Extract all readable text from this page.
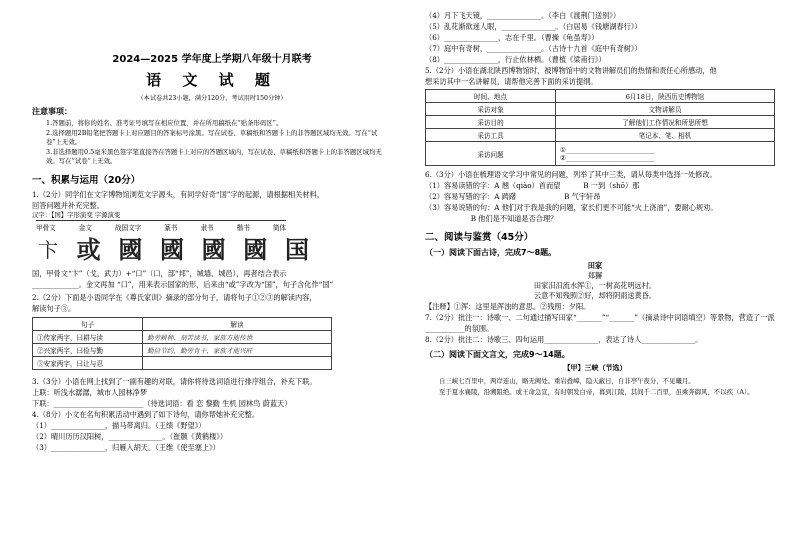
2024—2025 学年度上学期八年级十月联考
语 文 试 题
（本试卷共23小题，满分120分，考试用时150分钟）
注意事项：
1.答题前，将你的姓名、准考证号填写在相应位置，并在所用稿纸在“贴条形码区”。
2.选择题用2B铅笔把答题卡上对应题目的答案标号涂黑。写在试卷、草稿纸和答题卡上的非答题区域均无效。写在“试卷”上无效。
3.非选择题用0.5毫米黑色签字笔直接答在答题卡上对应的答题区域内，写在试卷、草稿纸和答题卡上的非答题区域均无效。写在“试卷”上无效。
一、积累与运用（20分）
1.（2分）同学们在文字博物馆浏览文字源头，有同学好奇“国”字的起源，请根据相关材料，
回答问题并补充完整。
汉字：【国】字形演变 字源演变
甲骨文	金文	战国文字	篆书	隶书	楷书	简体
卞 或 國 國 國 國 国
国，甲骨文“卞”（戈，武力）+“口”（口，部“邦”，城墙、城邑），再者结合表示
_____________。金文再加 “口”，用来表示国家的形，后来由“或”字改为“国”，句子含化作“国”
2.（2分）下面是小语同学在《尊氏家训》摘录的部分句子，请将句子①②③的解读内容，
解读句子③。
句子	解读
①传家两字，曰耕与读	勤劳耕种、刻苦读书，家族方能传世
②兴家两字，曰俭与勤	勤俭节约，勤劳肯干，家族才能兴旺
③安家两字，曰让与忍	
3.（3分）小语在网上找到了一副有趣的对联，请你将待选词语进行排序组合，补充下联。
上联：听浅水潺潺，城市人园林净梦
下联：_________________________（待选词语：看 恋 黎勤 生机 园林鸟 蔚蓝天）
4.（8分）小文在名句积累活动中遇到了如下诗句，请你帮她补充完整。
（1）_______________，描马带离归。（王绩《野望》）
（2）晴川历历汉阳树，_______________。（崔颢《黄鹤楼》）
（3）_______________，归雁入胡天。（王维《使至塞上》）
（4）月下飞天镜，_______________。（李白《渡荆门送别》）
（5）乱花渐欲迷人眼，_______________。（白居易《钱塘湖春行》）
（6）_______________，志在千里。（曹操《龟虽寿》）
（7）庭中有奇树，_______________。（古诗十九首《庭中有奇树》）
（8）_______________，行止依林栖。（曹植《梁甫行》）
5.（2分）小语在湖北陕西博物馆时，被博物馆中的文物讲解员们的热情和责任心所感动，他
想采访其中一名讲解员，请帮他完善下面的采访提纲。
时间、地点	6月18日，陕西历史博物馆
采访对象	文物讲解员
采访目的	了解他们工作情况和所思所想
采访工具	笔记本、笔、相机
采访问题	①___________________________
②___________________________
6.（3分）小语在梳理语文学习中常见的问题，列举了其中三类，请从每类中选择一处修改。
（1）容易读错的字：A 翘（qiào）首而望          B 一到（shō）那
（2）容易写错的字：A 踌躇                     B 气宇轩昂
（3）容易说错的句：A 他们对于我是我的问题，家长们更不可能“火上浇油”，要耐心规劝。
B 他们是不知道是否合理？
二、阅读与鉴赏（45分）
（一）阅读下面古诗，完成7～8题。
田家
郑獬
田家汨汨流水浑①，一树高花明远村。
云意不知残照②好，却将阴雨送黄昏。
【注释】①浑：这里是浑浊的意思。②残照：夕阳。
7.（2分）批注一：诗歌一、二句通过描写田家“_______”“_______”（摘录诗中词语填空）等景物，营造了一派___________的氛围。
8.（2分）批注二：诗歌三、四句运用_______________，表达了诗人_______________。
（二）阅读下面文言文，完成9～14题。
【甲】三峡（节选）
自三峡七百里中，两岸连山，略无阙处。重岩叠嶂，隐天蔽日，自非亭午夜分，不见曦月。
至于夏水襄陵，沿溯阻绝。或王命急宣，有时朝发白帝，暮到江陵，其间千二百里，虽乘奔御风，不以疾（A）。
